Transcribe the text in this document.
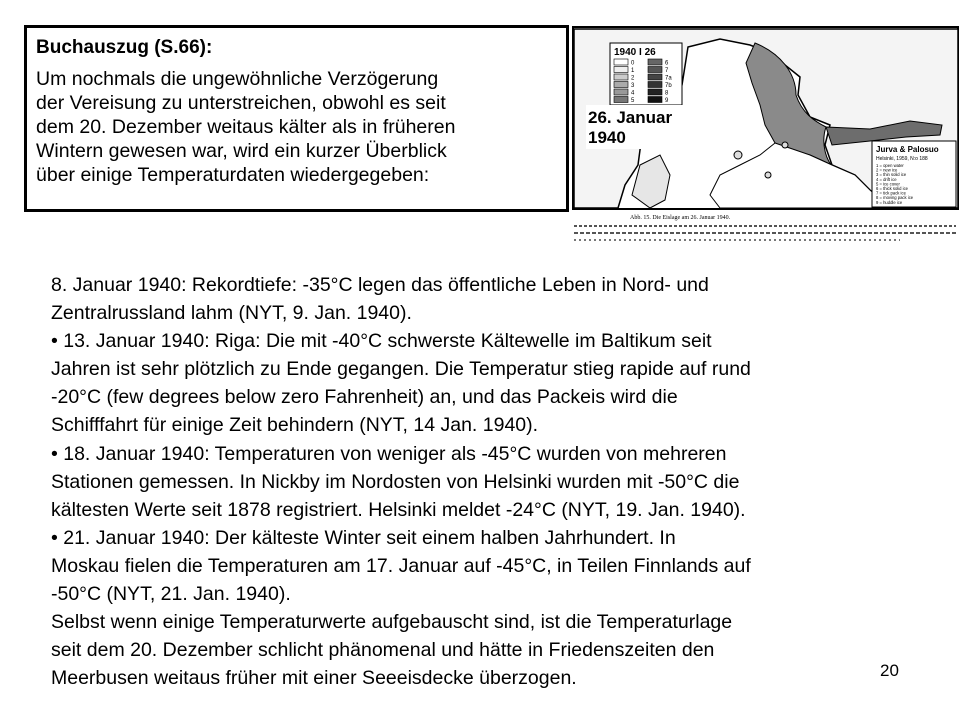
Buchauszug (S.66):

Um nochmals die ungewöhnliche Verzögerung
der Vereisung zu unterstreichen, obwohl es seit
dem 20. Dezember weitaus kälter als in früheren
Wintern gewesen war, wird ein kurzer Überblick
über einige Temperaturdaten wiedergegeben:

1940 I 26
0
1
2
3
4
5
6
7
7a
7b
8
9
26. Januar
1940
Jurva & Palosuo
Helsinki, 1959, N:o 188
1 = open water
2 = new ice
3 = thin solid ice
4 = drift ice
5 = ice cover
6 = thick solid ice
7 = tick pack ice
8 = moving pack ice
9 = huddle ice
Abb. 15. Die Eislage am 26. Januar 1940.

8. Januar 1940: Rekordtiefe: -35°C legen das öffentliche Leben in Nord- und
Zentralrussland lahm (NYT, 9. Jan. 1940).

• 13. Januar 1940: Riga: Die mit -40°C schwerste Kältewelle im Baltikum seit
Jahren ist sehr plötzlich zu Ende gegangen. Die Temperatur stieg rapide auf rund
-20°C (few degrees below zero Fahrenheit) an, und das Packeis wird die
Schifffahrt für einige Zeit behindern (NYT, 14 Jan. 1940).

• 18. Januar 1940: Temperaturen von weniger als -45°C wurden von mehreren
Stationen gemessen. In Nickby im Nordosten von Helsinki wurden mit -50°C die
kältesten Werte seit 1878 registriert. Helsinki meldet -24°C (NYT, 19. Jan. 1940).

• 21. Januar 1940: Der kälteste Winter seit einem halben Jahrhundert. In
Moskau fielen die Temperaturen am 17. Januar auf -45°C, in Teilen Finnlands auf
-50°C (NYT, 21. Jan. 1940).

Selbst wenn einige Temperaturwerte aufgebauscht sind, ist die Temperaturlage
seit dem 20. Dezember schlicht phänomenal und hätte in Friedenszeiten den
Meerbusen weitaus früher mit einer Seeeisdecke überzogen.	20
